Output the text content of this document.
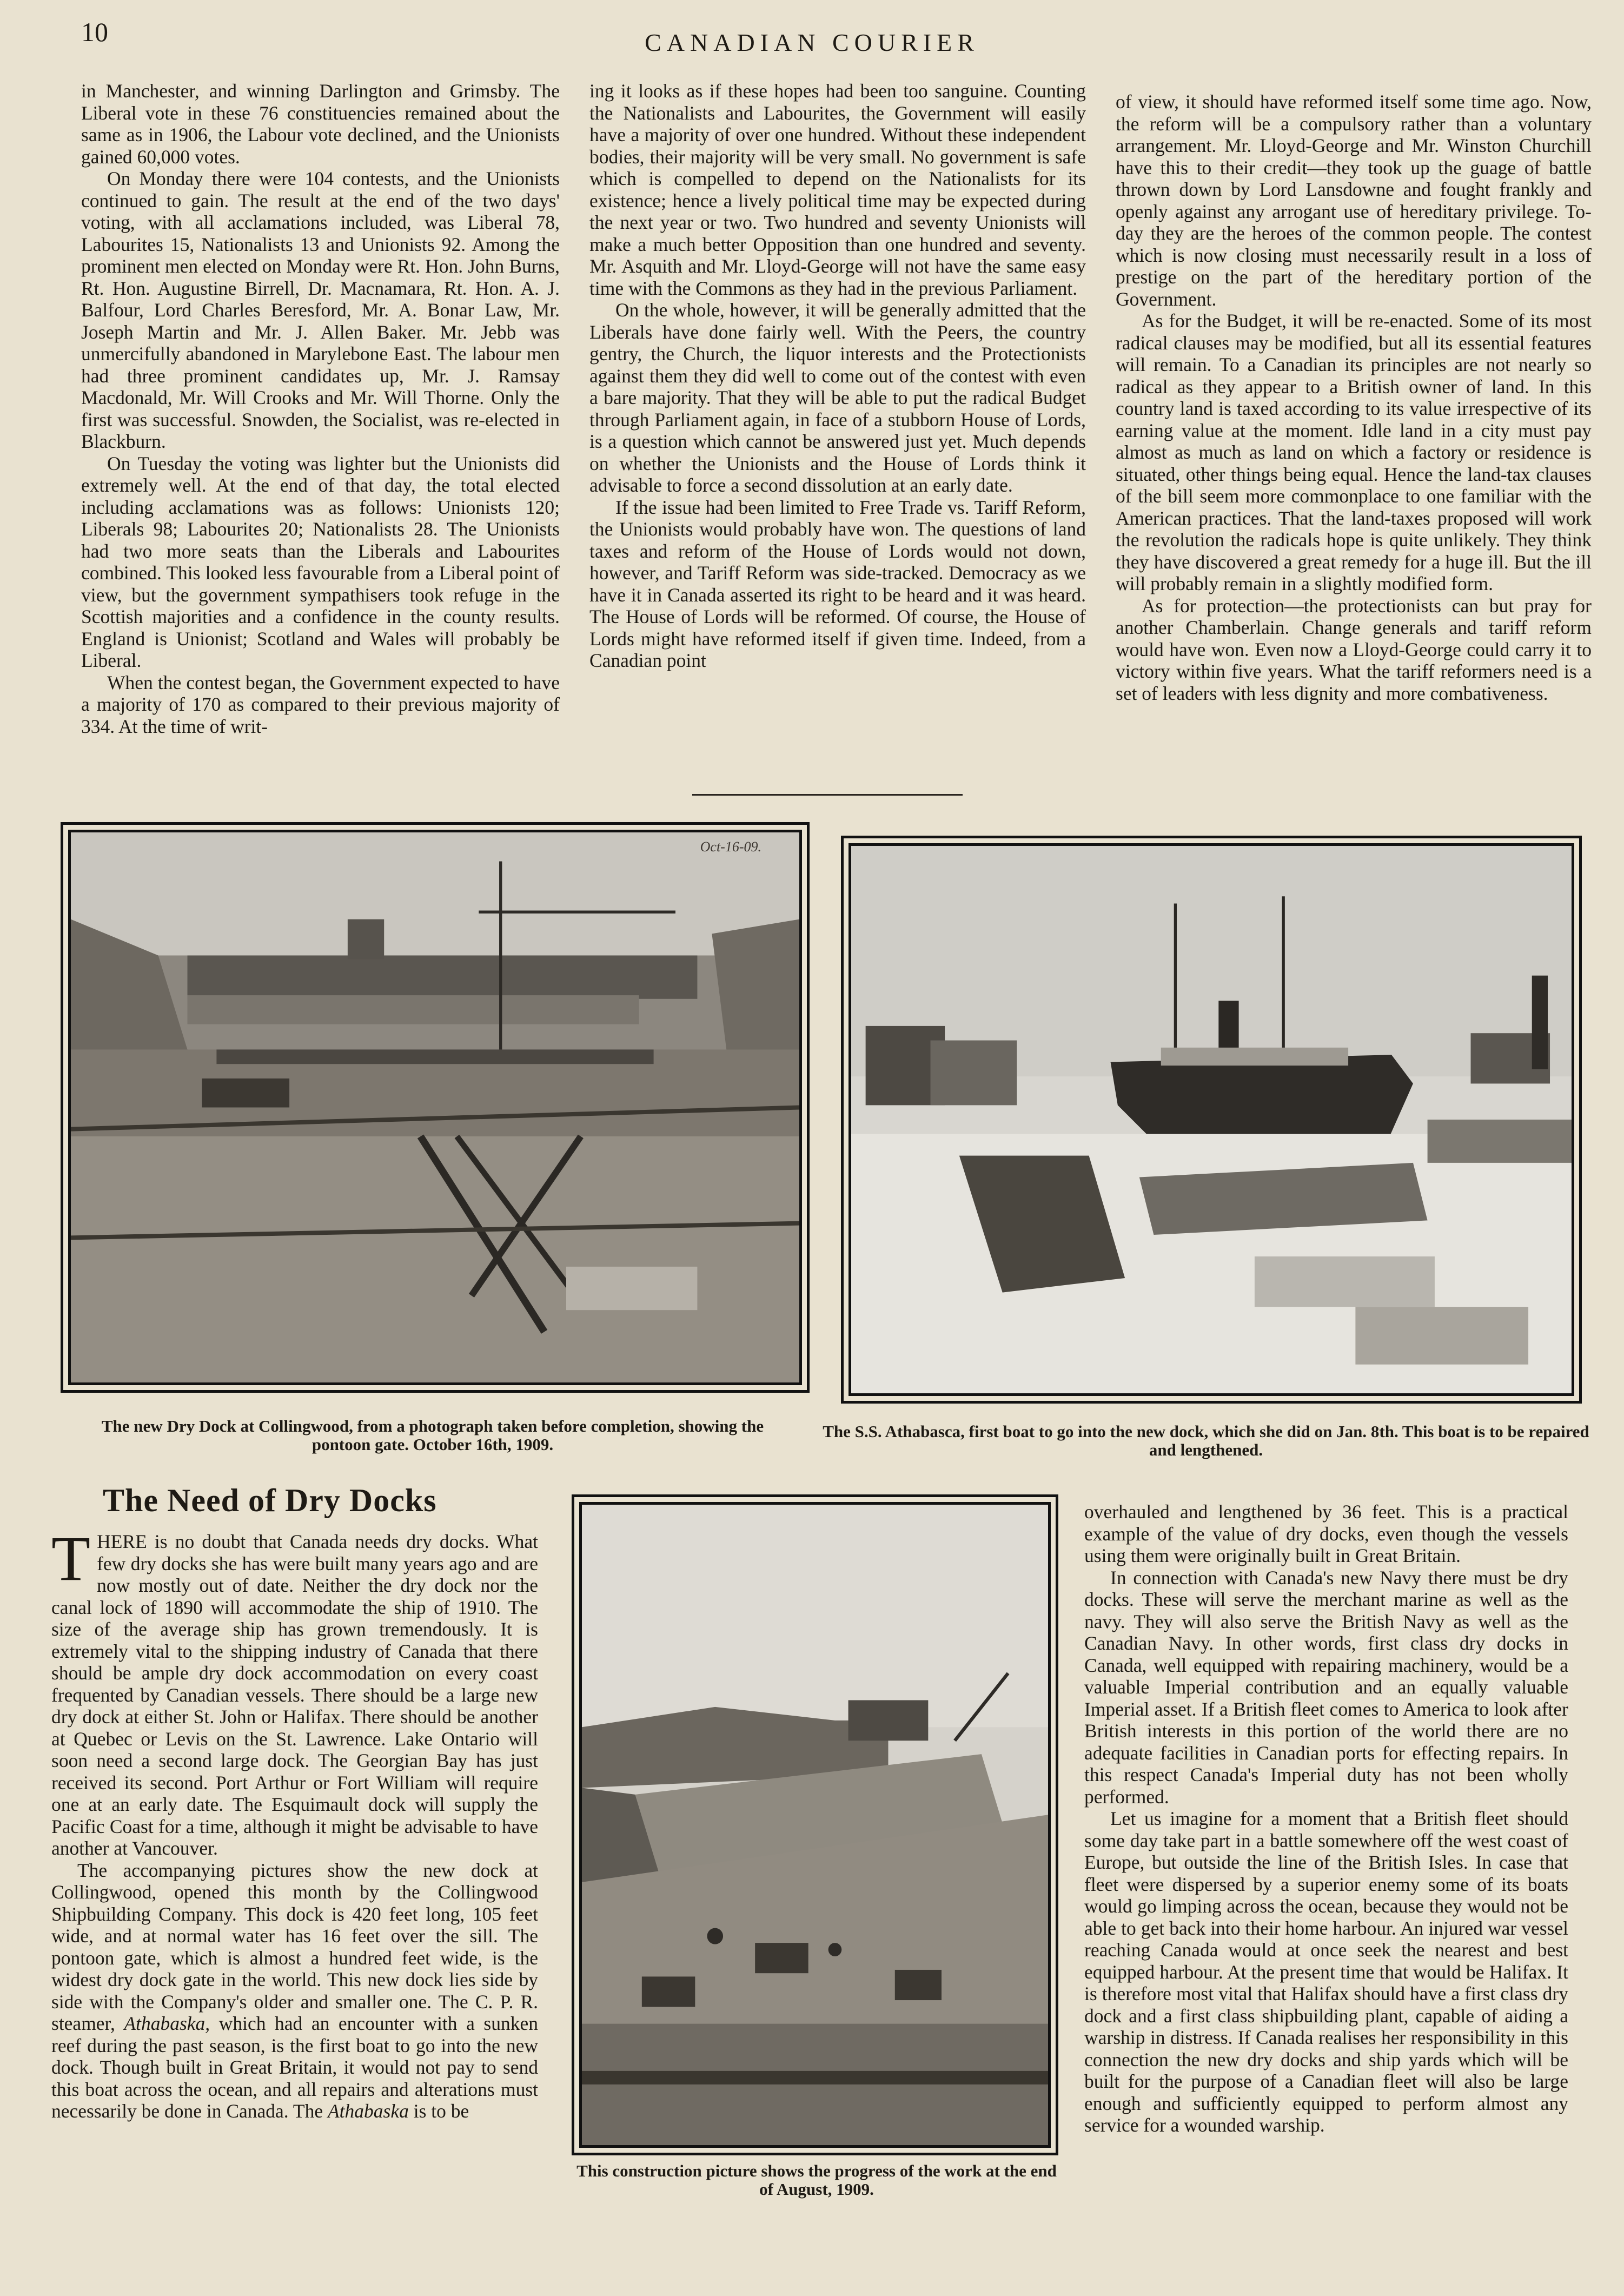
10	CANADIAN COURIER

in Manchester, and winning Darlington and Grimsby. The Liberal vote in these 76 constituencies remained about the same as in 1906, the Labour vote declined, and the Unionists gained 60,000 votes.

On Monday there were 104 contests, and the Unionists continued to gain. The result at the end of the two days' voting, with all acclamations included, was Liberal 78, Labourites 15, Nationalists 13 and Unionists 92. Among the prominent men elected on Monday were Rt. Hon. John Burns, Rt. Hon. Augustine Birrell, Dr. Macnamara, Rt. Hon. A. J. Balfour, Lord Charles Beresford, Mr. A. Bonar Law, Mr. Joseph Martin and Mr. J. Allen Baker. Mr. Jebb was unmercifully abandoned in Marylebone East. The labour men had three prominent candidates up, Mr. J. Ramsay Macdonald, Mr. Will Crooks and Mr. Will Thorne. Only the first was successful. Snowden, the Socialist, was re-elected in Blackburn.

On Tuesday the voting was lighter but the Unionists did extremely well. At the end of that day, the total elected including acclamations was as follows: Unionists 120; Liberals 98; Labourites 20; Nationalists 28. The Unionists had two more seats than the Liberals and Labourites combined. This looked less favourable from a Liberal point of view, but the government sympathisers took refuge in the Scottish majorities and a confidence in the county results. England is Unionist; Scotland and Wales will probably be Liberal.

When the contest began, the Government expected to have a majority of 170 as compared to their previous majority of 334. At the time of writ-

ing it looks as if these hopes had been too sanguine. Counting the Nationalists and Labourites, the Government will easily have a majority of over one hundred. Without these independent bodies, their majority will be very small. No government is safe which is compelled to depend on the Nationalists for its existence; hence a lively political time may be expected during the next year or two. Two hundred and seventy Unionists will make a much better Opposition than one hundred and seventy. Mr. Asquith and Mr. Lloyd-George will not have the same easy time with the Commons as they had in the previous Parliament.

On the whole, however, it will be generally admitted that the Liberals have done fairly well. With the Peers, the country gentry, the Church, the liquor interests and the Protectionists against them they did well to come out of the contest with even a bare majority. That they will be able to put the radical Budget through Parliament again, in face of a stubborn House of Lords, is a question which cannot be answered just yet. Much depends on whether the Unionists and the House of Lords think it advisable to force a second dissolution at an early date.

If the issue had been limited to Free Trade vs. Tariff Reform, the Unionists would probably have won. The questions of land taxes and reform of the House of Lords would not down, however, and Tariff Reform was side-tracked. Democracy as we have it in Canada asserted its right to be heard and it was heard. The House of Lords will be reformed. Of course, the House of Lords might have reformed itself if given time. Indeed, from a Canadian point

of view, it should have reformed itself some time ago. Now, the reform will be a compulsory rather than a voluntary arrangement. Mr. Lloyd-George and Mr. Winston Churchill have this to their credit—they took up the guage of battle thrown down by Lord Lansdowne and fought frankly and openly against any arrogant use of hereditary privilege. To-day they are the heroes of the common people. The contest which is now closing must necessarily result in a loss of prestige on the part of the hereditary portion of the Government.

As for the Budget, it will be re-enacted. Some of its most radical clauses may be modified, but all its essential features will remain. To a Canadian its principles are not nearly so radical as they appear to a British owner of land. In this country land is taxed according to its value irrespective of its earning value at the moment. Idle land in a city must pay almost as much as land on which a factory or residence is situated, other things being equal. Hence the land-tax clauses of the bill seem more commonplace to one familiar with the American practices. That the land-taxes proposed will work the revolution the radicals hope is quite unlikely. They think they have discovered a great remedy for a huge ill. But the ill will probably remain in a slightly modified form.

As for protection—the protectionists can but pray for another Chamberlain. Change generals and tariff reform would have won. Even now a Lloyd-George could carry it to victory within five years. What the tariff reformers need is a set of leaders with less dignity and more combativeness.

Oct-16-09.
The new Dry Dock at Collingwood, from a photograph taken before completion, showing the pontoon gate. October 16th, 1909.
The S.S. Athabasca, first boat to go into the new dock, which she did on Jan. 8th. This boat is to be repaired and lengthened.
The Need of Dry Docks

THERE is no doubt that Canada needs dry docks. What few dry docks she has were built many years ago and are now mostly out of date. Neither the dry dock nor the canal lock of 1890 will accommodate the ship of 1910. The size of the average ship has grown tremendously. It is extremely vital to the shipping industry of Canada that there should be ample dry dock accommodation on every coast frequented by Canadian vessels. There should be a large new dry dock at either St. John or Halifax. There should be another at Quebec or Levis on the St. Lawrence. Lake Ontario will soon need a second large dock. The Georgian Bay has just received its second. Port Arthur or Fort William will require one at an early date. The Esquimault dock will supply the Pacific Coast for a time, although it might be advisable to have another at Vancouver.

The accompanying pictures show the new dock at Collingwood, opened this month by the Collingwood Shipbuilding Company. This dock is 420 feet long, 105 feet wide, and at normal water has 16 feet over the sill. The pontoon gate, which is almost a hundred feet wide, is the widest dry dock gate in the world. This new dock lies side by side with the Company's older and smaller one. The C. P. R. steamer, Athabaska, which had an encounter with a sunken reef during the past season, is the first boat to go into the new dock. Though built in Great Britain, it would not pay to send this boat across the ocean, and all repairs and alterations must necessarily be done in Canada. The Athabaska is to be

This construction picture shows the progress of the work at the end of August, 1909.

overhauled and lengthened by 36 feet. This is a practical example of the value of dry docks, even though the vessels using them were originally built in Great Britain.

In connection with Canada's new Navy there must be dry docks. These will serve the merchant marine as well as the navy. They will also serve the British Navy as well as the Canadian Navy. In other words, first class dry docks in Canada, well equipped with repairing machinery, would be a valuable Imperial contribution and an equally valuable Imperial asset. If a British fleet comes to America to look after British interests in this portion of the world there are no adequate facilities in Canadian ports for effecting repairs. In this respect Canada's Imperial duty has not been wholly performed.

Let us imagine for a moment that a British fleet should some day take part in a battle somewhere off the west coast of Europe, but outside the line of the British Isles. In case that fleet were dispersed by a superior enemy some of its boats would go limping across the ocean, because they would not be able to get back into their home harbour. An injured war vessel reaching Canada would at once seek the nearest and best equipped harbour. At the present time that would be Halifax. It is therefore most vital that Halifax should have a first class dry dock and a first class shipbuilding plant, capable of aiding a warship in distress. If Canada realises her responsibility in this connection the new dry docks and ship yards which will be built for the purpose of a Canadian fleet will also be large enough and sufficiently equipped to perform almost any service for a wounded warship.
